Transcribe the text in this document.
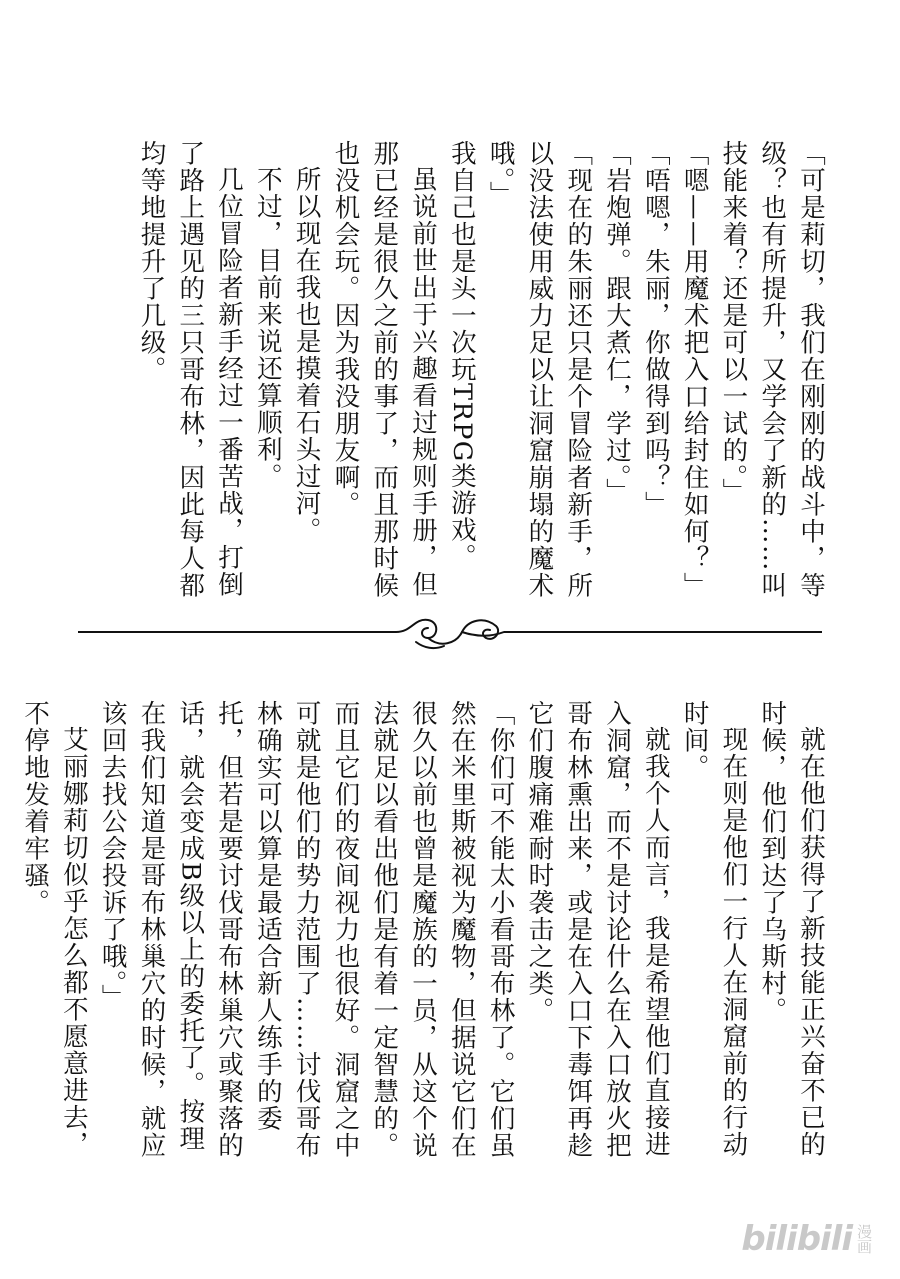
「可是莉切，我们在刚刚的战斗中，等级？也有所提升，又学会了新的……叫技能来着？还是可以一试的。」

「嗯——用魔术把入口给封住如何？」

「唔嗯，朱丽，你做得到吗？」

「岩炮弹。跟大煮仁，学过。」

「现在的朱丽还只是个冒险者新手，所以没法使用威力足以让洞窟崩塌的魔术哦。」

我自己也是头一次玩TRPG类游戏。

虽说前世出于兴趣看过规则手册，但那已经是很久之前的事了，而且那时候也没机会玩。因为我没朋友啊。

所以现在我也是摸着石头过河。

不过，目前来说还算顺利。

几位冒险者新手经过一番苦战，打倒了路上遇见的三只哥布林，因此每人都均等地提升了几级。

就在他们获得了新技能正兴奋不已的时候，他们到达了乌斯村。

现在则是他们一行人在洞窟前的行动时间。

就我个人而言，我是希望他们直接进入洞窟，而不是讨论什么在入口放火把哥布林熏出来，或是在入口下毒饵再趁它们腹痛难耐时袭击之类。

「你们可不能太小看哥布林了。它们虽然在米里斯被视为魔物，但据说它们在很久以前也曾是魔族的一员，从这个说法就足以看出他们是有着一定智慧的。而且它们的夜间视力也很好。洞窟之中可就是他们的势力范围了……讨伐哥布林确实可以算是最适合新人练手的委托，但若是要讨伐哥布林巢穴或聚落的话，就会变成B级以上的委托了。按理在我们知道是哥布林巢穴的时候，就应该回去找公会投诉了哦。」

艾丽娜莉切似乎怎么都不愿意进去，不停地发着牢骚。

bilibili 漫画
